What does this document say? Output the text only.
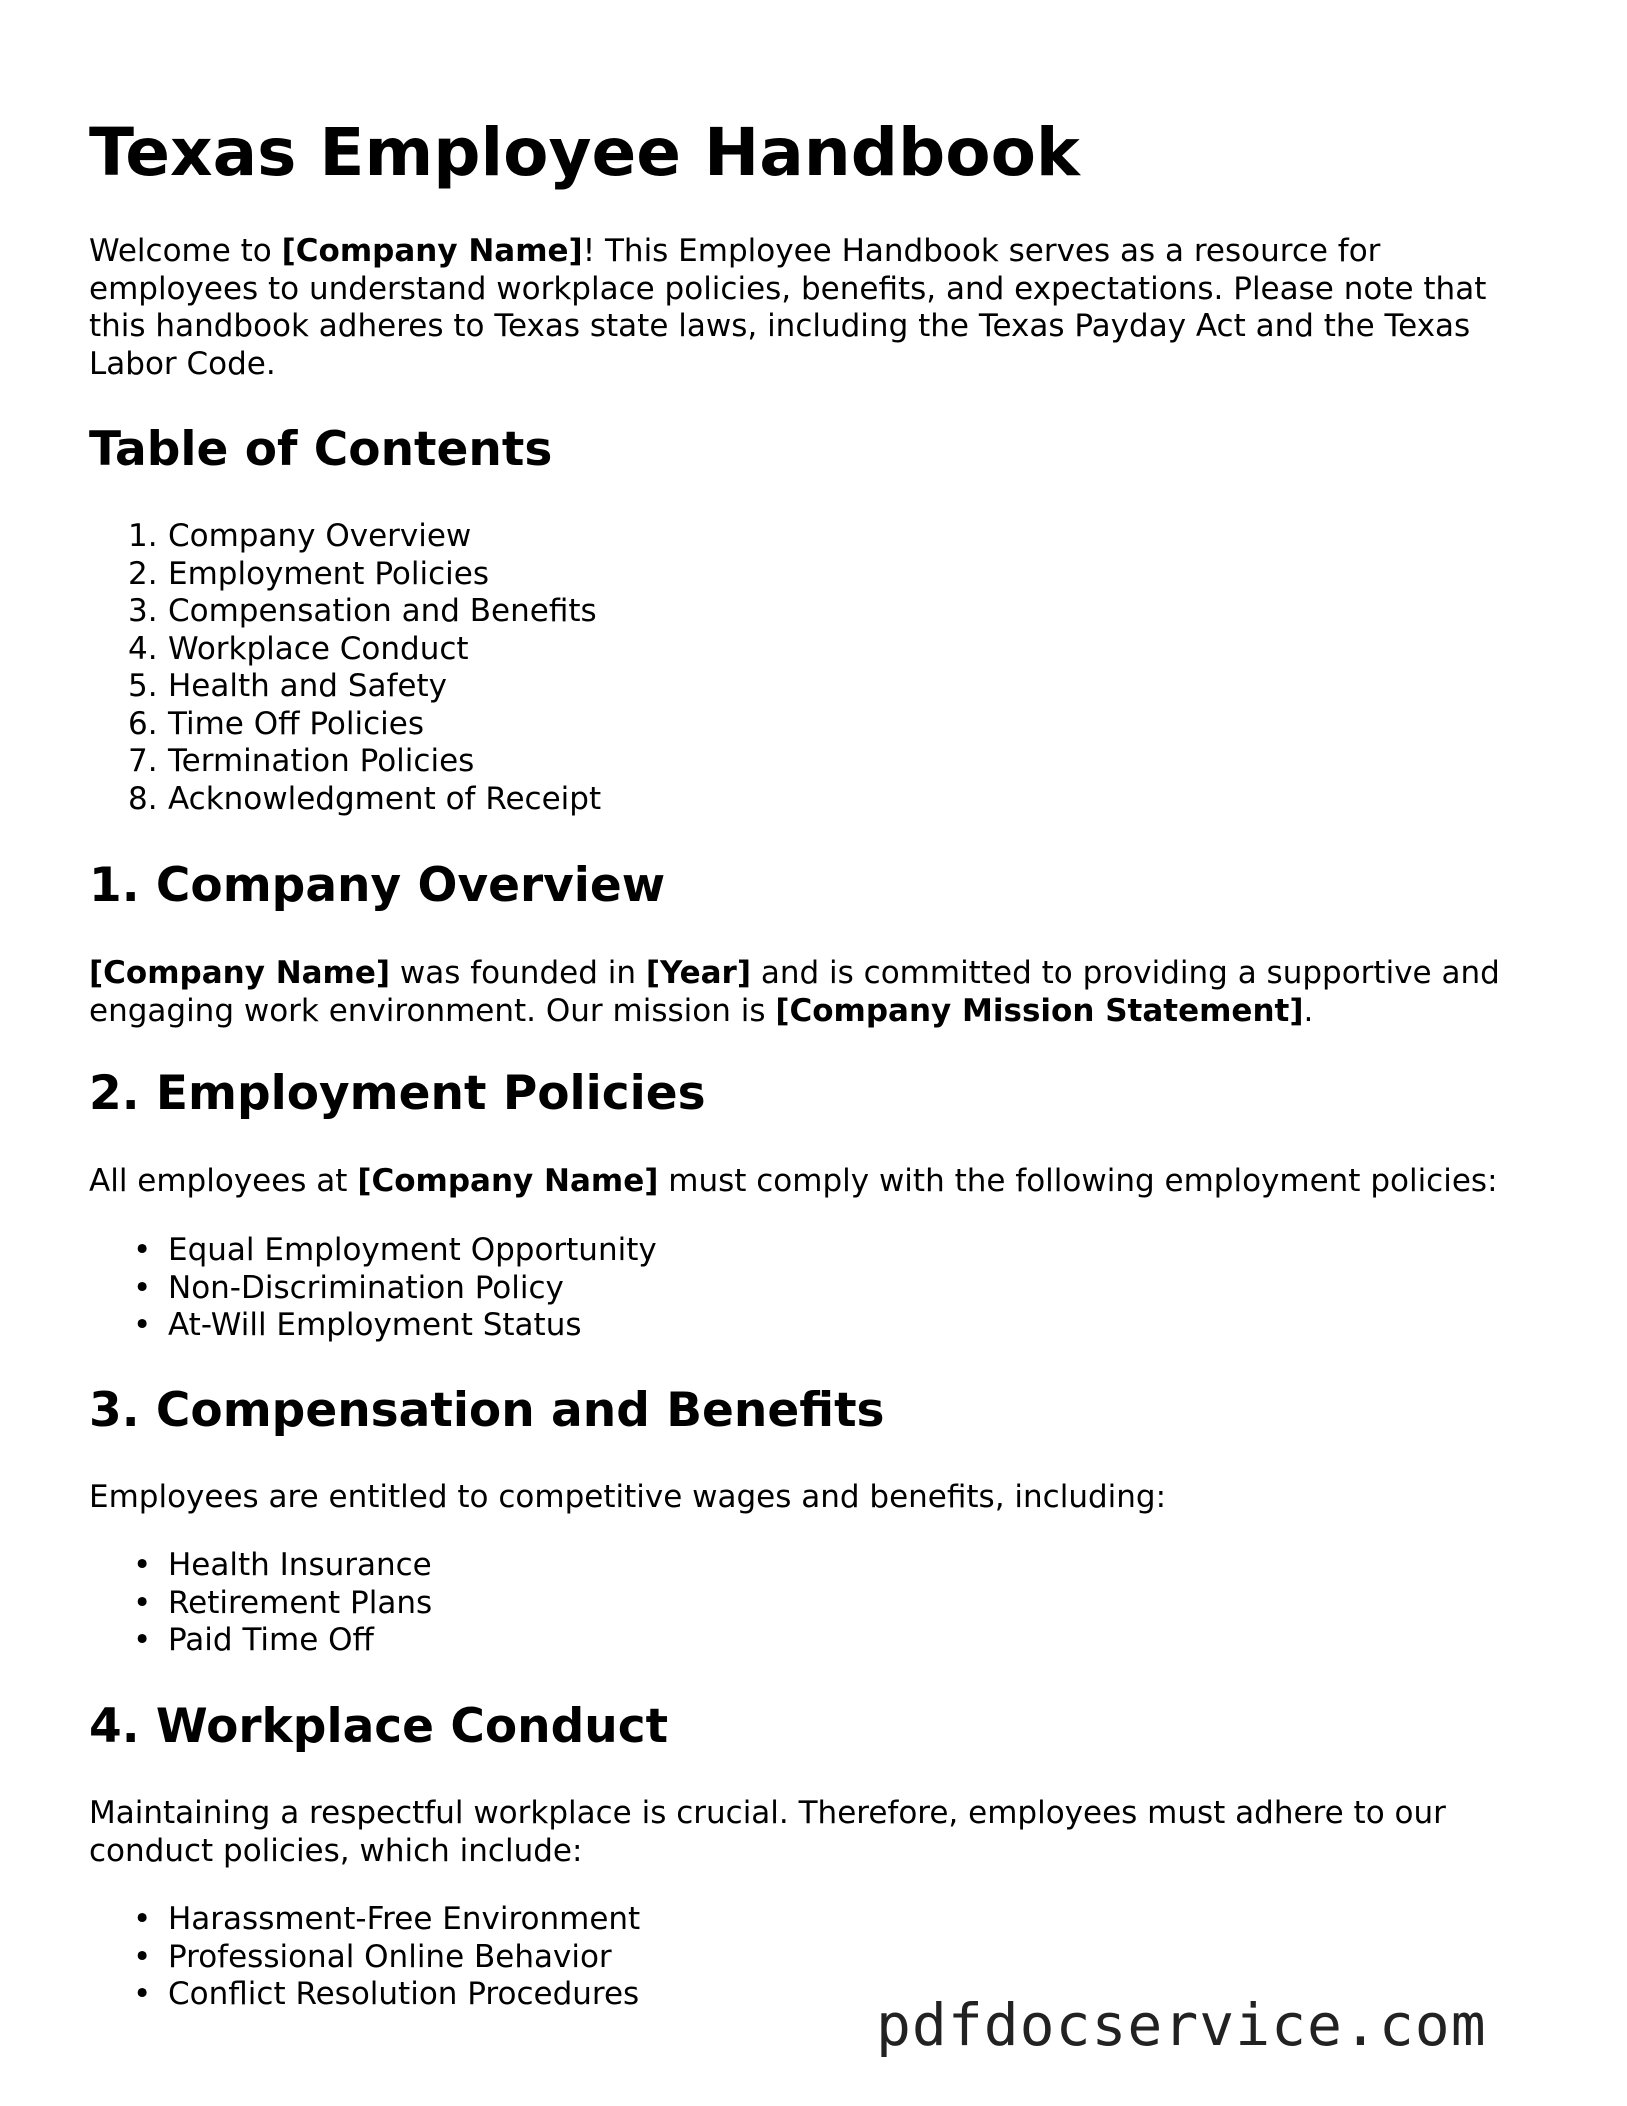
Texas Employee Handbook

Welcome to [Company Name]! This Employee Handbook serves as a resource for employees to understand workplace policies, benefits, and expectations. Please note that this handbook adheres to Texas state laws, including the Texas Payday Act and the Texas Labor Code.

Table of Contents
1. Company Overview
2. Employment Policies
3. Compensation and Benefits
4. Workplace Conduct
5. Health and Safety
6. Time Off Policies
7. Termination Policies
8. Acknowledgment of Receipt
1. Company Overview

[Company Name] was founded in [Year] and is committed to providing a supportive and engaging work environment. Our mission is [Company Mission Statement].

2. Employment Policies

All employees at [Company Name] must comply with the following employment policies:

• Equal Employment Opportunity
• Non-Discrimination Policy
• At-Will Employment Status
3. Compensation and Benefits

Employees are entitled to competitive wages and benefits, including:

• Health Insurance
• Retirement Plans
• Paid Time Off
4. Workplace Conduct

Maintaining a respectful workplace is crucial. Therefore, employees must adhere to our conduct policies, which include:

• Harassment-Free Environment
• Professional Online Behavior
• Conflict Resolution Procedures	pdfdocservice.com
